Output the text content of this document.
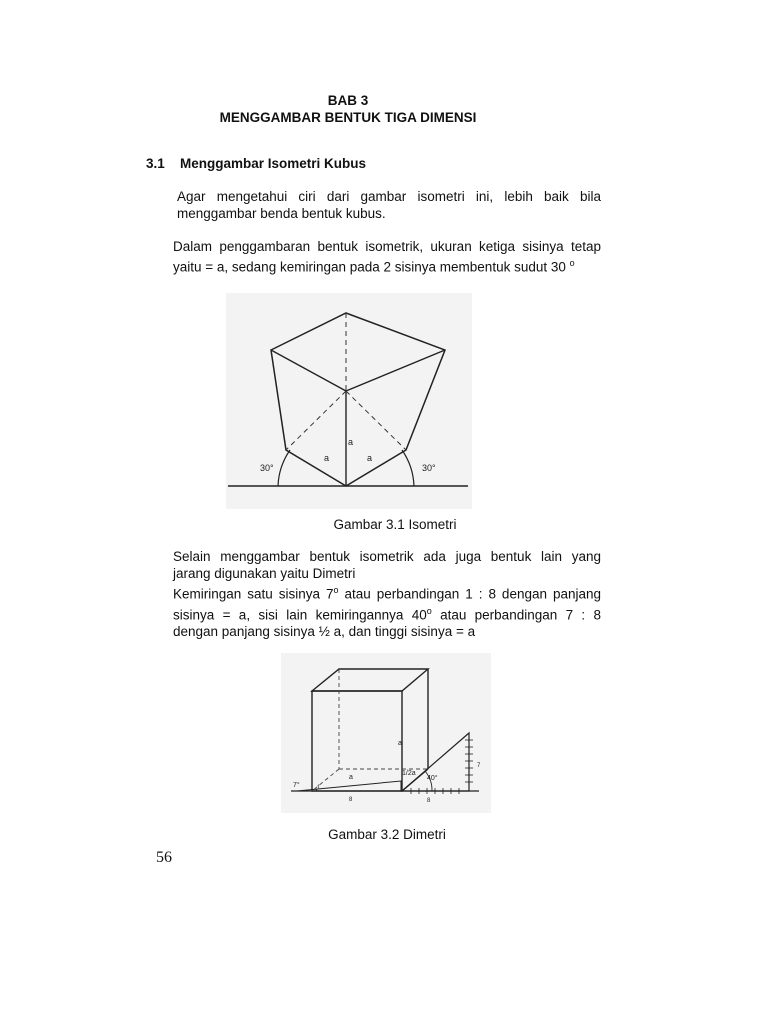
BAB 3
MENGGAMBAR BENTUK TIGA DIMENSI
3.1 Menggambar Isometri Kubus
Agar mengetahui ciri dari gambar isometri ini, lebih baik bila
menggambar benda bentuk kubus.
Dalam penggambaran bentuk isometrik, ukuran ketiga sisinya tetap
yaitu = a, sedang kemiringan pada 2 sisinya membentuk sudut 30 $^o$
30°	30°
a	a
a
Gambar 3.1 Isometri
Selain menggambar bentuk isometrik ada juga bentuk lain yang
jarang digunakan yaitu Dimetri
Kemiringan satu sisinya 7$^o$ atau perbandingan 1 : 8 dengan panjang
sisinya = a, sisi lain kemiringannya 40$^o$ atau perbandingan 7 : 8
dengan panjang sisinya ½ a, dan tinggi sisinya = a
a
a
1/2a
40°
7°	1
8	8
7
Gambar 3.2 Dimetri
56
